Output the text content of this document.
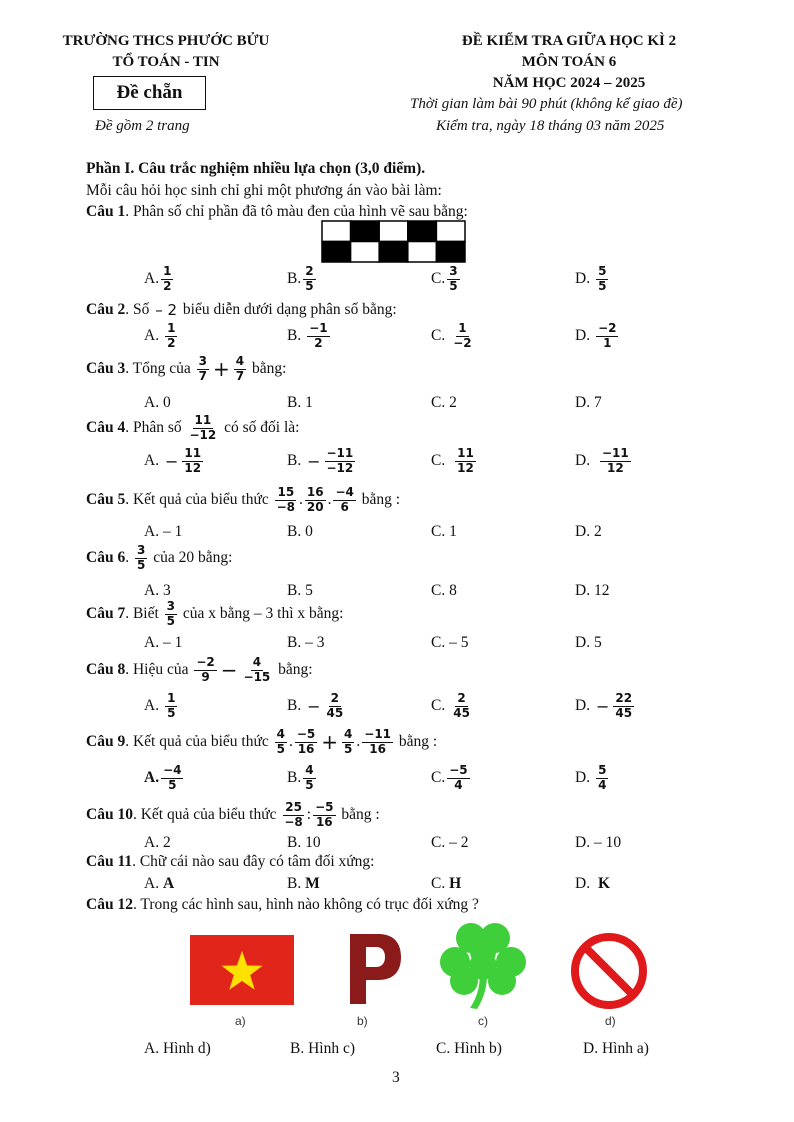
TRƯỜNG THCS PHƯỚC BỬU
TỔ TOÁN - TIN
Đề chẵn
Đề gồm 2 trang
ĐỀ KIỂM TRA GIỮA HỌC KÌ 2
MÔN TOÁN 6
NĂM HỌC 2024 – 2025
Thời gian làm bài 90 phút (không kể giao đề)
Kiểm tra, ngày 18 tháng 03 năm 2025
Phần I. Câu trắc nghiệm nhiều lựa chọn (3,0 điểm).
Mỗi câu hỏi học sinh chỉ ghi một phương án vào bài làm:
Câu 1. Phân số chỉ phần đã tô màu đen của hình vẽ sau bằng:
A. $\frac{1}{2}$	B. $\frac{2}{5}$	C. $\frac{3}{5}$	D. $\frac{5}{5}$
Câu 2. Số – 2 biểu diễn dưới dạng phân số bằng:
A. $\frac{1}{2}$	B. $\frac{-1}{2}$	C. $\frac{1}{-2}$	D. $\frac{-2}{1}$
Câu 3. Tổng của $\frac{3}{7} + \frac{4}{7}$ bằng:
A. 0	B. 1	C. 2	D. 7
Câu 4. Phân số $\frac{11}{-12}$ có số đối là:
A. − $\frac{11}{12}$	B. − $\frac{-11}{-12}$	C. $\frac{11}{12}$	D. $\frac{-11}{12}$
Câu 5. Kết quả của biểu thức $\frac{15}{-8}$ . $\frac{16}{20}$ . $\frac{-4}{6}$ bằng :
A. – 1	B. 0	C. 1	D. 2
Câu 6. $\frac{3}{5}$ của 20 bằng:
A. 3	B. 5	C. 8	D. 12
Câu 7. Biết $\frac{3}{5}$ của x bằng – 3 thì x bằng:
A. – 1	B. – 3	C. – 5	D. 5
Câu 8. Hiệu của $\frac{-2}{9} - \frac{4}{-15}$ bằng:
A. $\frac{1}{5}$	B. − $\frac{2}{45}$	C. $\frac{2}{45}$	D. − $\frac{22}{45}$
Câu 9. Kết quả của biểu thức $\frac{4}{5}$ . $\frac{-5}{16} + \frac{4}{5}$ . $\frac{-11}{16}$ bằng :
A. $\frac{-4}{5}$	B. $\frac{4}{5}$	C. $\frac{-5}{4}$	D. $\frac{5}{4}$
Câu 10. Kết quả của biểu thức $\frac{25}{-8}$ : $\frac{-5}{16}$ bằng :
A. 2	B. 10	C. – 2	D. – 10
Câu 11. Chữ cái nào sau đây có tâm đối xứng:
A. A	B. M	C. H	D. K
Câu 12. Trong các hình sau, hình nào không có trục đối xứng ?
a)	b)	c)	d)
A. Hình d)	B. Hình c)	C. Hình b)	D. Hình a)
3
